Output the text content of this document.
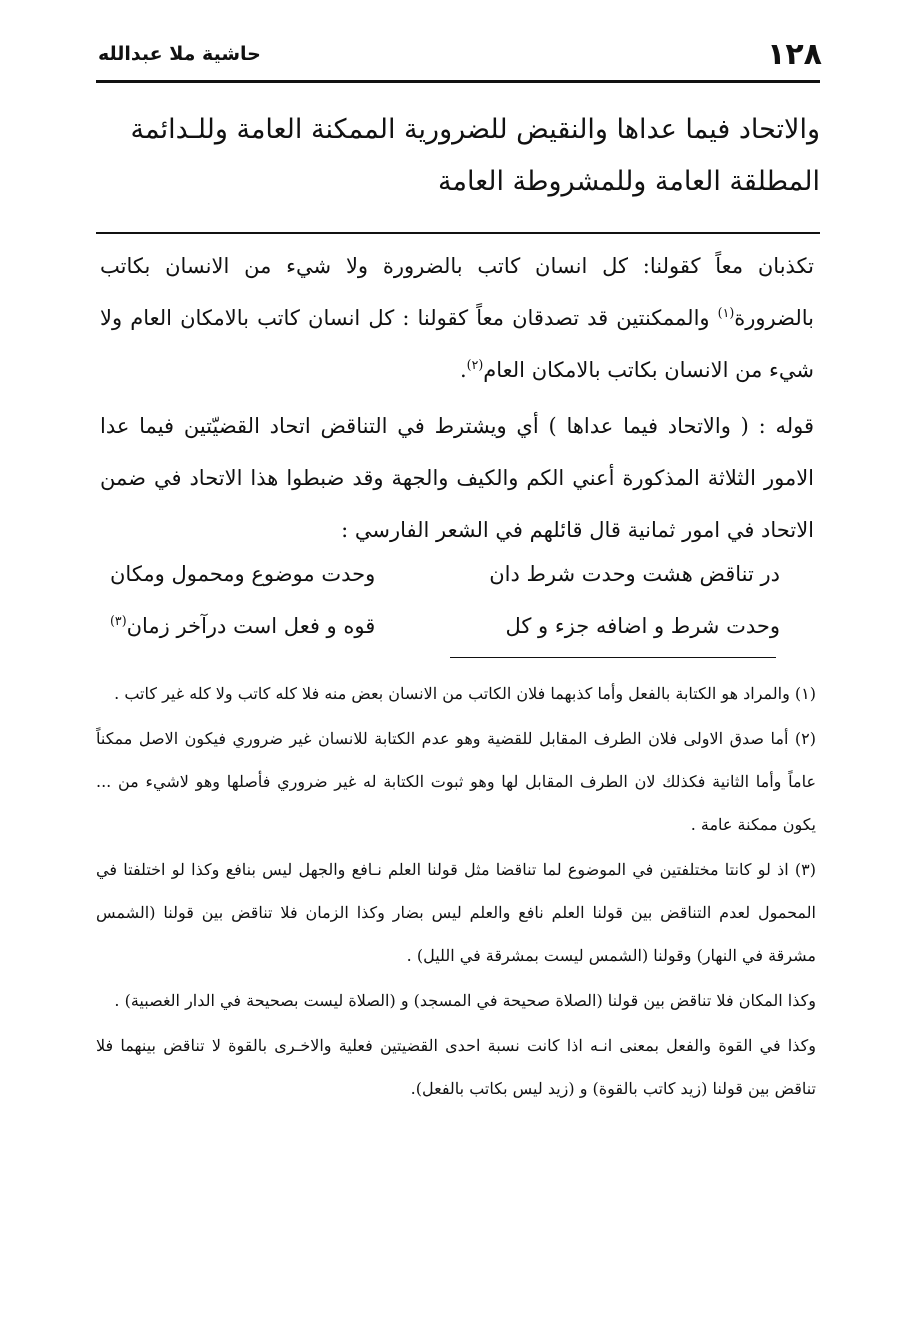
حاشية ملا عبدالله	١٢٨

والاتحاد فيما عداها والنقيض للضرورية الممكنة العامة وللـدائمة

المطلقة العامة وللمشروطة العامة

تكذبان معاً كقولنا: كل انسان كاتب بالضرورة ولا شيء من الانسان بكاتب بالضرورة$^{(١)}$ والممكنتين قد تصدقان معاً كقولنا : كل انسان كاتب بالامكان العام ولا شيء من الانسان بكاتب بالامكان العام$^{(٢)}$.

قوله : ( والاتحاد فيما عداها ) أي ويشترط في التناقض اتحاد القضيّتين فيما عدا الامور الثلاثة المذكورة أعني الكم والكيف والجهة وقد ضبطوا هذا الاتحاد في ضمن الاتحاد في امور ثمانية قال قائلهم في الشعر الفارسي :

در تناقض هشت وحدت شرط دان
وحدت موضوع ومحمول ومكان
وحدت شرط و اضافه جزء و كل
قوه و فعل است درآخر زمان$^{(٣)}$

(١) والمراد هو الكتابة بالفعل وأما كذبهما فلان الكاتب من الانسان بعض منه فلا كله كاتب ولا كله غير كاتب .

(٢) أما صدق الاولى فلان الطرف المقابل للقضية وهو عدم الكتابة للانسان غير ضروري فيكون الاصل ممكناً عاماً وأما الثانية فكذلك لان الطرف المقابل لها وهو ثبوت الكتابة له غير ضروري فأصلها وهو لاشيء من ... يكون ممكنة عامة .

(٣) اذ لو كانتا مختلفتين في الموضوع لما تناقضا مثل قولنا العلم نـافع والجهل ليس بنافع وكذا لو اختلفتا في المحمول لعدم التناقض بين قولنا العلم نافع والعلم ليس بضار وكذا الزمان فلا تناقض بين قولنا (الشمس مشرقة في النهار) وقولنا (الشمس ليست بمشرقة في الليل) .

وكذا المكان فلا تناقض بين قولنا (الصلاة صحيحة في المسجد) و (الصلاة ليست بصحيحة في الدار الغصبية) .

وكذا في القوة والفعل بمعنى انـه اذا كانت نسبة احدى القضيتين فعلية والاخـرى بالقوة لا تناقض بينهما فلا تناقض بين قولنا (زيد كاتب بالقوة) و (زيد ليس بكاتب بالفعل).
